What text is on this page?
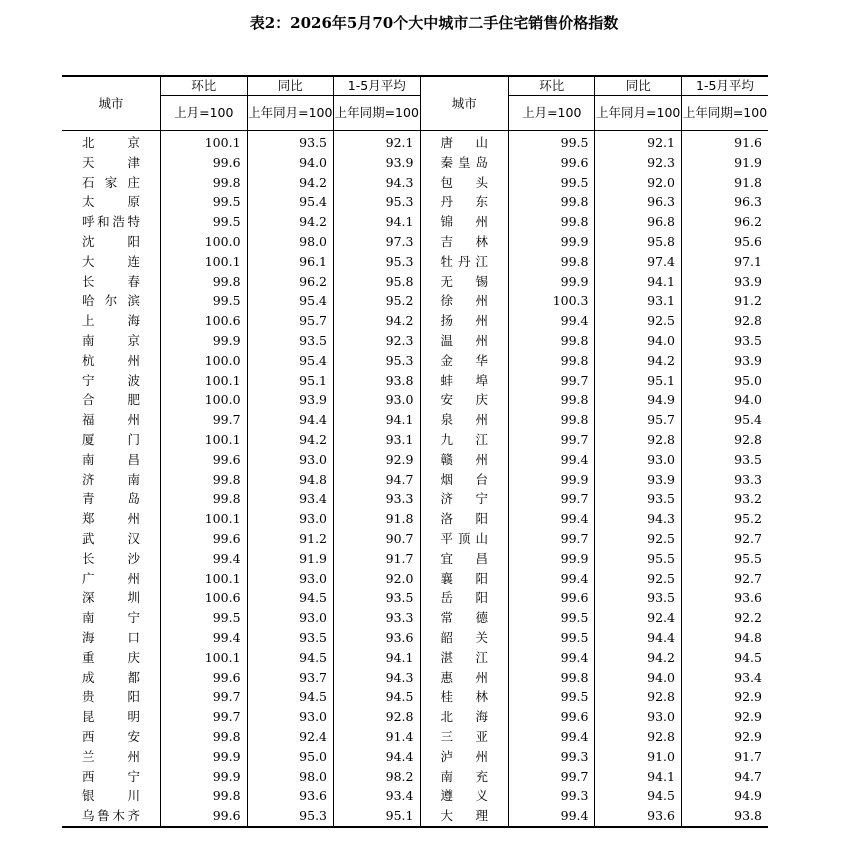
表2：2026年5月70个大中城市二手住宅销售价格指数
城市	环比	同比	1-5月平均	城市	环比	同比	1-5月平均
	上月=100	上年同月=100	上年同期=100		上月=100	上年同月=100	上年同期=100
北京	100.1	93.5	92.1	唐山	99.5	92.1	91.6
天津	99.6	94.0	93.9	秦皇岛	99.6	92.3	91.9
石家庄	99.8	94.2	94.3	包头	99.5	92.0	91.8
太原	99.5	95.4	95.3	丹东	99.8	96.3	96.3
呼和浩特	99.5	94.2	94.1	锦州	99.8	96.8	96.2
沈阳	100.0	98.0	97.3	吉林	99.9	95.8	95.6
大连	100.1	96.1	95.3	牡丹江	99.8	97.4	97.1
长春	99.8	96.2	95.8	无锡	99.9	94.1	93.9
哈尔滨	99.5	95.4	95.2	徐州	100.3	93.1	91.2
上海	100.6	95.7	94.2	扬州	99.4	92.5	92.8
南京	99.9	93.5	92.3	温州	99.8	94.0	93.5
杭州	100.0	95.4	95.3	金华	99.8	94.2	93.9
宁波	100.1	95.1	93.8	蚌埠	99.7	95.1	95.0
合肥	100.0	93.9	93.0	安庆	99.8	94.9	94.0
福州	99.7	94.4	94.1	泉州	99.8	95.7	95.4
厦门	100.1	94.2	93.1	九江	99.7	92.8	92.8
南昌	99.6	93.0	92.9	赣州	99.4	93.0	93.5
济南	99.8	94.8	94.7	烟台	99.9	93.9	93.3
青岛	99.8	93.4	93.3	济宁	99.7	93.5	93.2
郑州	100.1	93.0	91.8	洛阳	99.4	94.3	95.2
武汉	99.6	91.2	90.7	平顶山	99.7	92.5	92.7
长沙	99.4	91.9	91.7	宜昌	99.9	95.5	95.5
广州	100.1	93.0	92.0	襄阳	99.4	92.5	92.7
深圳	100.6	94.5	93.5	岳阳	99.6	93.5	93.6
南宁	99.5	93.0	93.3	常德	99.5	92.4	92.2
海口	99.4	93.5	93.6	韶关	99.5	94.4	94.8
重庆	100.1	94.5	94.1	湛江	99.4	94.2	94.5
成都	99.6	93.7	94.3	惠州	99.8	94.0	93.4
贵阳	99.7	94.5	94.5	桂林	99.5	92.8	92.9
昆明	99.7	93.0	92.8	北海	99.6	93.0	92.9
西安	99.8	92.4	91.4	三亚	99.4	92.8	92.9
兰州	99.9	95.0	94.4	泸州	99.3	91.0	91.7
西宁	99.9	98.0	98.2	南充	99.7	94.1	94.7
银川	99.8	93.6	93.4	遵义	99.3	94.5	94.9
乌鲁木齐	99.6	95.3	95.1	大理	99.4	93.6	93.8
